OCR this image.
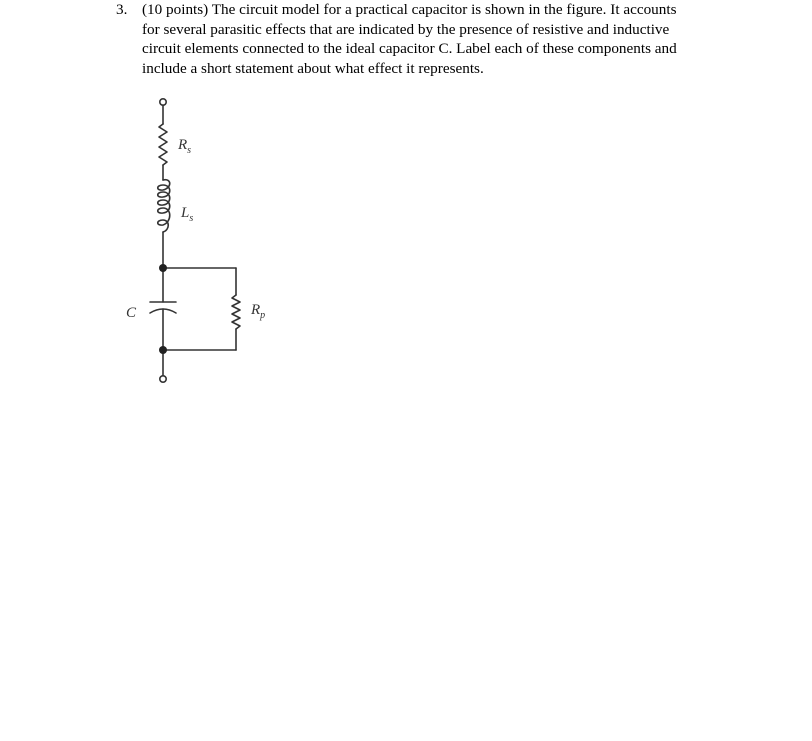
3. (10 points) The circuit model for a practical capacitor is shown in the figure. It accounts
for several parasitic effects that are indicated by the presence of resistive and inductive
circuit elements connected to the ideal capacitor C. Label each of these components and
include a short statement about what effect it represents.
$R_s$
$L_s$
C	$R_p$
